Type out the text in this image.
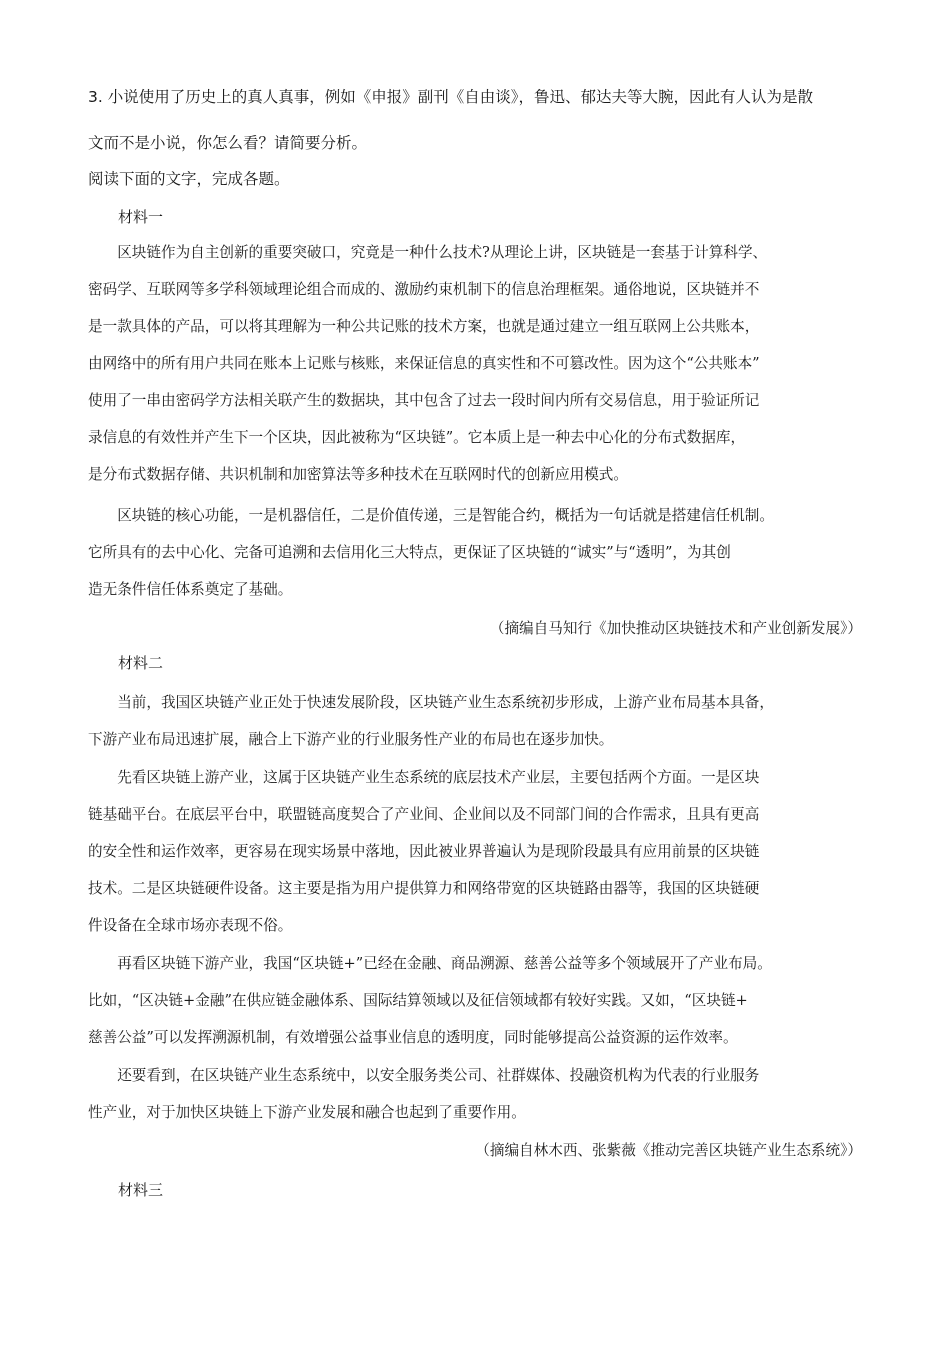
3. 小说使用了历史上的真人真事，例如《申报》副刊《自由谈》，鲁迅、郁达夫等大腕，因此有人认为是散
文而不是小说，你怎么看？请简要分析。
阅读下面的文字，完成各题。
材料一
　　区块链作为自主创新的重要突破口，究竟是一种什么技术?从理论上讲，区块链是一套基于计算科学、
密码学、互联网等多学科领域理论组合而成的、激励约束机制下的信息治理框架。通俗地说，区块链并不
是一款具体的产品，可以将其理解为一种公共记账的技术方案，也就是通过建立一组互联网上公共账本，
由网络中的所有用户共同在账本上记账与核账，来保证信息的真实性和不可篡改性。因为这个“公共账本”
使用了一串由密码学方法相关联产生的数据块，其中包含了过去一段时间内所有交易信息，用于验证所记
录信息的有效性并产生下一个区块，因此被称为“区块链”。它本质上是一种去中心化的分布式数据库，
是分布式数据存储、共识机制和加密算法等多种技术在互联网时代的创新应用模式。
　　区块链的核心功能，一是机器信任，二是价值传递，三是智能合约，概括为一句话就是搭建信任机制。
它所具有的去中心化、完备可追溯和去信用化三大特点，更保证了区块链的“诚实”与“透明”，为其创
造无条件信任体系奠定了基础。
（摘编自马知行《加快推动区块链技术和产业创新发展》）
材料二
　　当前，我国区块链产业正处于快速发展阶段，区块链产业生态系统初步形成，上游产业布局基本具备，
下游产业布局迅速扩展，融合上下游产业的行业服务性产业的布局也在逐步加快。
　　先看区块链上游产业，这属于区块链产业生态系统的底层技术产业层，主要包括两个方面。一是区块
链基础平台。在底层平台中，联盟链高度契合了产业间、企业间以及不同部门间的合作需求，且具有更高
的安全性和运作效率，更容易在现实场景中落地，因此被业界普遍认为是现阶段最具有应用前景的区块链
技术。二是区块链硬件设备。这主要是指为用户提供算力和网络带宽的区块链路由器等，我国的区块链硬
件设备在全球市场亦表现不俗。
　　再看区块链下游产业，我国“区块链+”已经在金融、商品溯源、慈善公益等多个领域展开了产业布局。
比如，“区决链+金融”在供应链金融体系、国际结算领域以及征信领域都有较好实践。又如，“区块链+
慈善公益”可以发挥溯源机制，有效增强公益事业信息的透明度，同时能够提高公益资源的运作效率。
　　还要看到，在区块链产业生态系统中，以安全服务类公司、社群媒体、投融资机构为代表的行业服务
性产业，对于加快区块链上下游产业发展和融合也起到了重要作用。
（摘编自林木西、张紫薇《推动完善区块链产业生态系统》）
材料三
